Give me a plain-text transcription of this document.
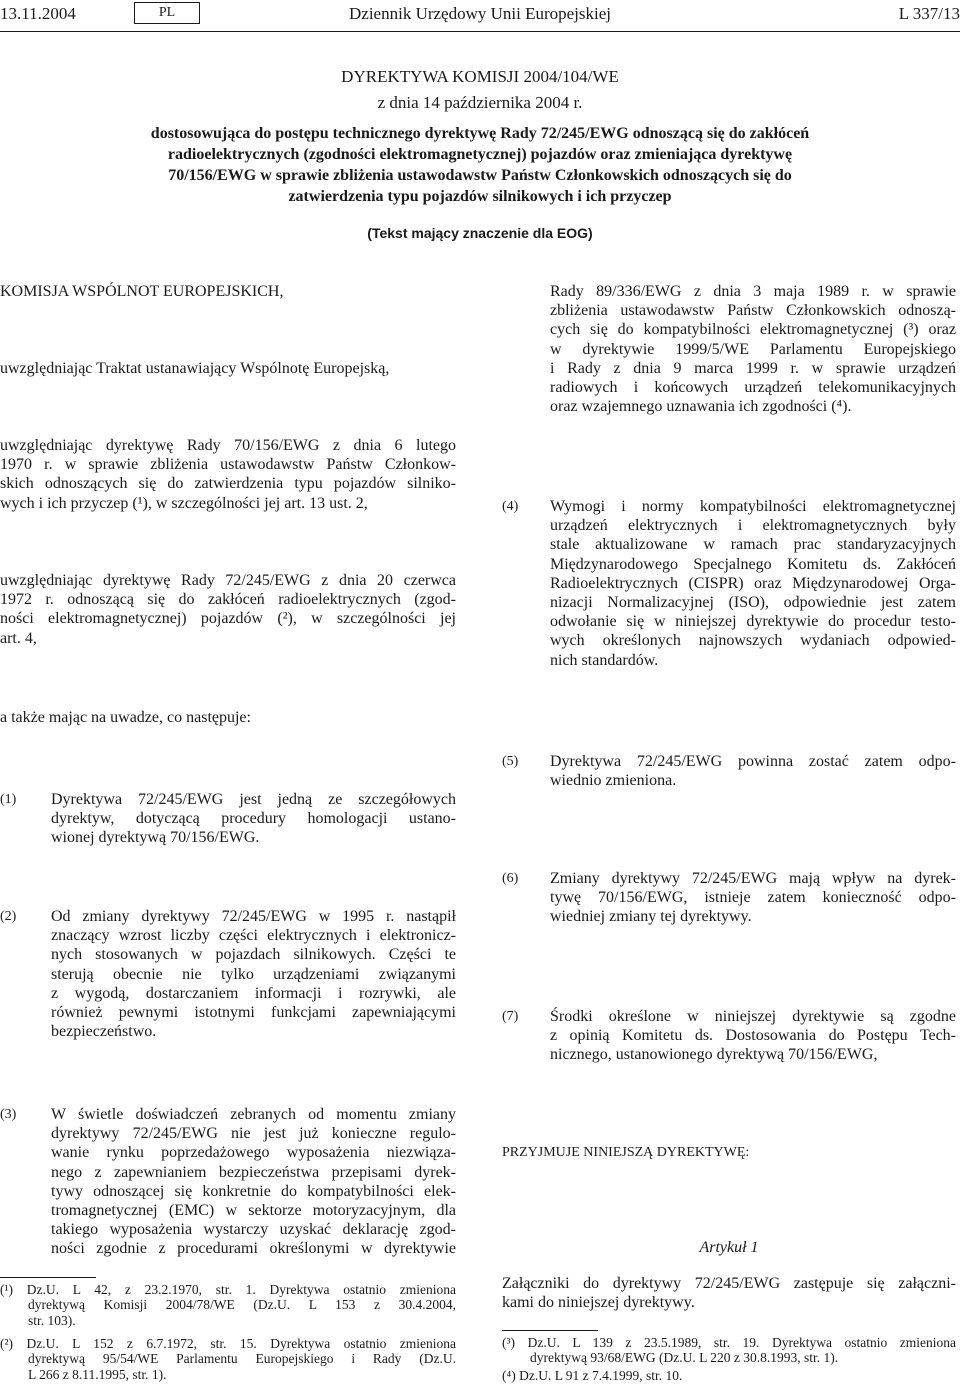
13.11.2004	PL	Dziennik Urzędowy Unii Europejskiej	L 337/13
DYREKTYWA KOMISJI 2004/104/WE
z dnia 14 października 2004 r.
dostosowująca do postępu technicznego dyrektywę Rady 72/245/EWG odnoszącą się do zakłóceń
radioelektrycznych (zgodności elektromagnetycznej) pojazdów oraz zmieniająca dyrektywę
70/156/EWG w sprawie zbliżenia ustawodawstw Państw Członkowskich odnoszących się do
zatwierdzenia typu pojazdów silnikowych i ich przyczep
(Tekst mający znaczenie dla EOG)
KOMISJA WSPÓLNOT EUROPEJSKICH,
uwzględniając Traktat ustanawiający Wspólnotę Europejską,
uwzględniając dyrektywę Rady 70/156/EWG z dnia 6 lutego
1970 r. w sprawie zbliżenia ustawodawstw Państw Członkow-
skich odnoszących się do zatwierdzenia typu pojazdów silniko-
wych i ich przyczep (¹), w szczególności jej art. 13 ust. 2,
uwzględniając dyrektywę Rady 72/245/EWG z dnia 20 czerwca
1972 r. odnoszącą się do zakłóceń radioelektrycznych (zgod-
ności elektromagnetycznej) pojazdów (²), w szczególności jej
art. 4,
a także mając na uwadze, co następuje:
(1) Dyrektywa 72/245/EWG jest jedną ze szczegółowych
dyrektyw, dotyczącą procedury homologacji ustano-
wionej dyrektywą 70/156/EWG.
(2) Od zmiany dyrektywy 72/245/EWG w 1995 r. nastąpił
znaczący wzrost liczby części elektrycznych i elektronicz-
nych stosowanych w pojazdach silnikowych. Części te
sterują obecnie nie tylko urządzeniami związanymi
z wygodą, dostarczaniem informacji i rozrywki, ale
również pewnymi istotnymi funkcjami zapewniającymi
bezpieczeństwo.
(3) W świetle doświadczeń zebranych od momentu zmiany
dyrektywy 72/245/EWG nie jest już konieczne regulo-
wanie rynku poprzedażowego wyposażenia niezwiąza-
nego z zapewnianiem bezpieczeństwa przepisami dyrek-
tywy odnoszącej się konkretnie do kompatybilności elek-
tromagnetycznej (EMC) w sektorze motoryzacyjnym, dla
takiego wyposażenia wystarczy uzyskać deklarację zgod-
ności zgodnie z procedurami określonymi w dyrektywie
(¹) Dz.U. L 42, z 23.2.1970, str. 1. Dyrektywa ostatnio zmieniona
dyrektywą Komisji 2004/78/WE (Dz.U. L 153 z 30.4.2004,
str. 103).
(²) Dz.U. L 152 z 6.7.1972, str. 15. Dyrektywa ostatnio zmieniona
dyrektywą 95/54/WE Parlamentu Europejskiego i Rady (Dz.U.
L 266 z 8.11.1995, str. 1).
Rady 89/336/EWG z dnia 3 maja 1989 r. w sprawie
zbliżenia ustawodawstw Państw Członkowskich odnoszą-
cych się do kompatybilności elektromagnetycznej (³) oraz
w dyrektywie 1999/5/WE Parlamentu Europejskiego
i Rady z dnia 9 marca 1999 r. w sprawie urządzeń
radiowych i końcowych urządzeń telekomunikacyjnych
oraz wzajemnego uznawania ich zgodności (⁴).
(4) Wymogi i normy kompatybilności elektromagnetycznej
urządzeń elektrycznych i elektromagnetycznych były
stale aktualizowane w ramach prac standaryzacyjnych
Międzynarodowego Specjalnego Komitetu ds. Zakłóceń
Radioelektrycznych (CISPR) oraz Międzynarodowej Orga-
nizacji Normalizacyjnej (ISO), odpowiednie jest zatem
odwołanie się w niniejszej dyrektywie do procedur testo-
wych określonych najnowszych wydaniach odpowied-
nich standardów.
(5) Dyrektywa 72/245/EWG powinna zostać zatem odpo-
wiednio zmieniona.
(6) Zmiany dyrektywy 72/245/EWG mają wpływ na dyrek-
tywę 70/156/EWG, istnieje zatem konieczność odpo-
wiedniej zmiany tej dyrektywy.
(7) Środki określone w niniejszej dyrektywie są zgodne
z opinią Komitetu ds. Dostosowania do Postępu Tech-
nicznego, ustanowionego dyrektywą 70/156/EWG,
PRZYJMUJE NINIEJSZĄ DYREKTYWĘ:
Artykuł 1
Załączniki do dyrektywy 72/245/EWG zastępuje się załączni-
kami do niniejszej dyrektywy.
(³) Dz.U. L 139 z 23.5.1989, str. 19. Dyrektywa ostatnio zmieniona
dyrektywą 93/68/EWG (Dz.U. L 220 z 30.8.1993, str. 1).
(⁴) Dz.U. L 91 z 7.4.1999, str. 10.
